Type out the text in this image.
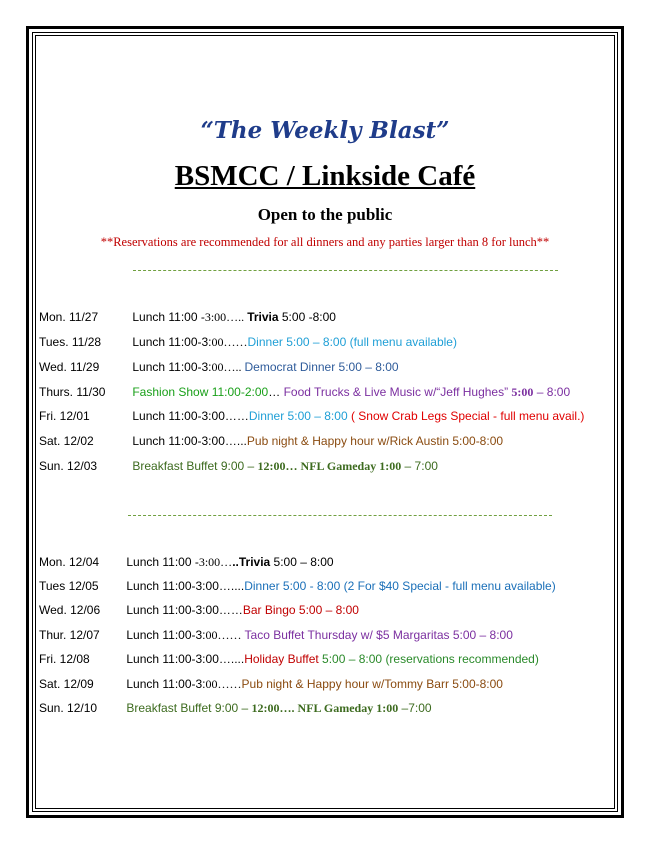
“The Weekly Blast”
BSMCC / Linkside Café
Open to the public
**Reservations are recommended for all dinners and any parties larger than 8 for lunch**
Mon. 11/27	Lunch 11:00 -3:00….. Trivia 5:00 -8:00
Tues. 11/28	Lunch 11:00-3:00……Dinner 5:00 – 8:00 (full menu available)
Wed. 11/29	Lunch 11:00-3:00….. Democrat Dinner 5:00 – 8:00
Thurs. 11/30 Fashion Show 11:00-2:00… Food Trucks & Live Music w/“Jeff Hughes” 5:00 – 8:00
Fri. 12/01	Lunch 11:00-3:00……Dinner 5:00 – 8:00 ( Snow Crab Legs Special - full menu avail.)
Sat. 12/02	Lunch 11:00-3:00…...Pub night & Happy hour w/Rick Austin 5:00-8:00
Sun. 12/03	Breakfast Buffet 9:00 – 12:00… NFL Gameday 1:00 – 7:00
Mon. 12/04 Lunch 11:00 -3:00…..Trivia 5:00 – 8:00
Tues 12/05 Lunch 11:00-3:00…....Dinner 5:00 - 8:00 (2 For $40 Special - full menu available)
Wed. 12/06 Lunch 11:00-3:00……Bar Bingo 5:00 – 8:00
Thur. 12/07 Lunch 11:00-3:00…… Taco Buffet Thursday w/ $5 Margaritas 5:00 – 8:00
Fri. 12/08	Lunch 11:00-3:00…....Holiday Buffet 5:00 – 8:00 (reservations recommended)
Sat. 12/09	Lunch 11:00-3:00……Pub night & Happy hour w/Tommy Barr 5:00-8:00
Sun. 12/10 Breakfast Buffet 9:00 – 12:00…. NFL Gameday 1:00 –7:00
